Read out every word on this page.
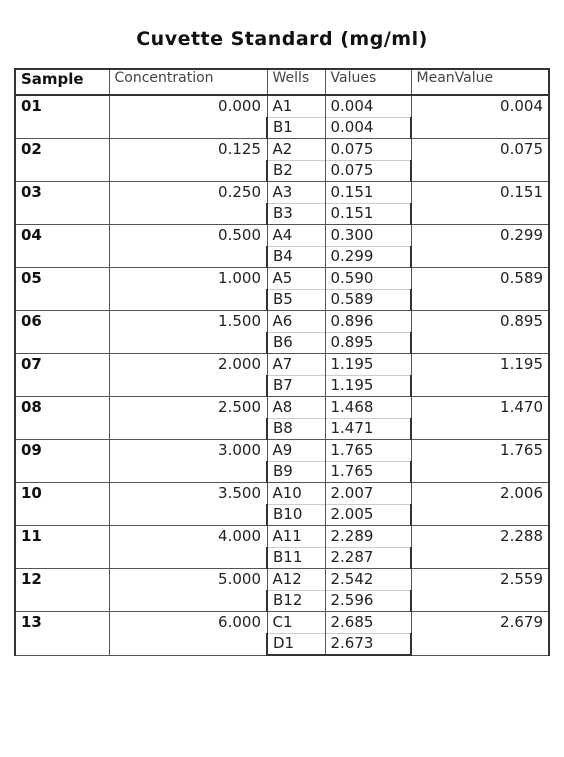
Cuvette Standard (mg/ml)
Sample	Concentration	Wells	Values	MeanValue
01	0.000	A1	0.004	0.004
		B1	0.004	
02	0.125	A2	0.075	0.075
		B2	0.075	
03	0.250	A3	0.151	0.151
		B3	0.151	
04	0.500	A4	0.300	0.299
		B4	0.299	
05	1.000	A5	0.590	0.589
		B5	0.589	
06	1.500	A6	0.896	0.895
		B6	0.895	
07	2.000	A7	1.195	1.195
		B7	1.195	
08	2.500	A8	1.468	1.470
		B8	1.471	
09	3.000	A9	1.765	1.765
		B9	1.765	
10	3.500	A10	2.007	2.006
		B10	2.005	
11	4.000	A11	2.289	2.288
		B11	2.287	
12	5.000	A12	2.542	2.559
		B12	2.596	
13	6.000	C1	2.685	2.679
		D1	2.673	
